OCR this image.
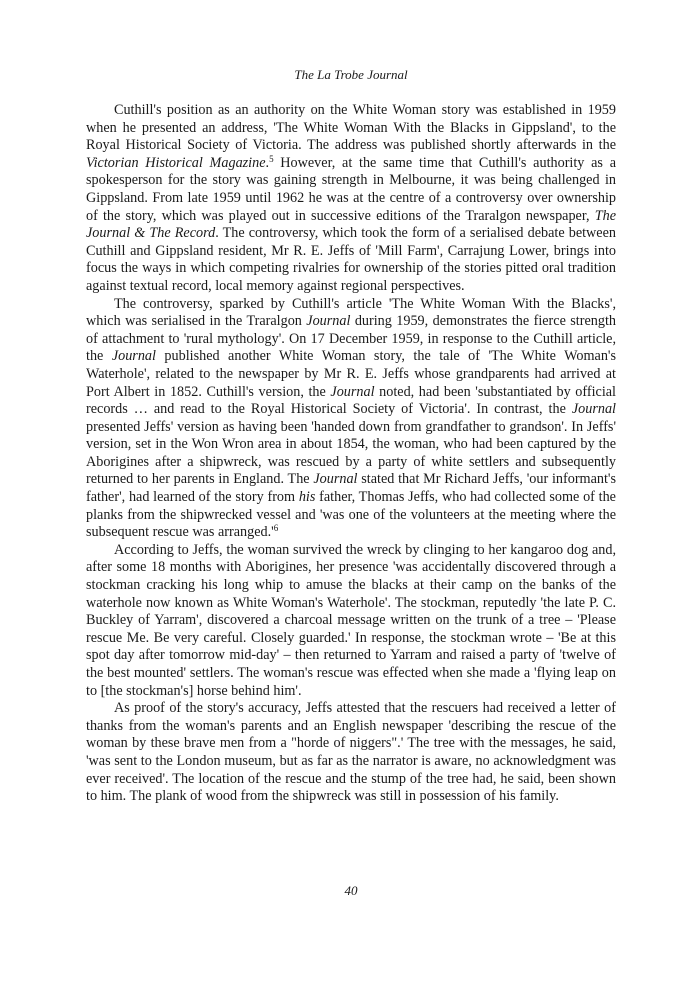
The La Trobe Journal

Cuthill's position as an authority on the White Woman story was established in 1959 when he presented an address, 'The White Woman With the Blacks in Gippsland', to the Royal Historical Society of Victoria. The address was published shortly afterwards in the Victorian Historical Magazine.$^5$ However, at the same time that Cuthill's authority as a spokesperson for the story was gaining strength in Melbourne, it was being challenged in Gippsland. From late 1959 until 1962 he was at the centre of a controversy over ownership of the story, which was played out in successive editions of the Traralgon newspaper, The Journal & The Record. The controversy, which took the form of a serialised debate between Cuthill and Gippsland resident, Mr R. E. Jeffs of 'Mill Farm', Carrajung Lower, brings into focus the ways in which competing rivalries for ownership of the stories pitted oral tradition against textual record, local memory against regional perspectives.

The controversy, sparked by Cuthill's article 'The White Woman With the Blacks', which was serialised in the Traralgon Journal during 1959, demonstrates the fierce strength of attachment to 'rural mythology'. On 17 December 1959, in response to the Cuthill article, the Journal published another White Woman story, the tale of 'The White Woman's Waterhole', related to the newspaper by Mr R. E. Jeffs whose grandparents had arrived at Port Albert in 1852. Cuthill's version, the Journal noted, had been 'substantiated by official records … and read to the Royal Historical Society of Victoria'. In contrast, the Journal presented Jeffs' version as having been 'handed down from grandfather to grandson'. In Jeffs' version, set in the Won Wron area in about 1854, the woman, who had been captured by the Aborigines after a shipwreck, was rescued by a party of white settlers and subsequently returned to her parents in England. The Journal stated that Mr Richard Jeffs, 'our informant's father', had learned of the story from his father, Thomas Jeffs, who had collected some of the planks from the shipwrecked vessel and 'was one of the volunteers at the meeting where the subsequent rescue was $arranged.'^6$

According to Jeffs, the woman survived the wreck by clinging to her kangaroo dog and, after some 18 months with Aborigines, her presence 'was accidentally discovered through a stockman cracking his long whip to amuse the blacks at their camp on the banks of the waterhole now known as White Woman's Waterhole'. The stockman, reputedly 'the late P. C. Buckley of Yarram', discovered a charcoal message written on the trunk of a tree – 'Please rescue Me. Be very careful. Closely guarded.' In response, the stockman wrote – 'Be at this spot day after tomorrow mid-day' – then returned to Yarram and raised a party of 'twelve of the best mounted' settlers. The woman's rescue was effected when she made a 'flying leap on to [the stockman's] horse behind him'.

As proof of the story's accuracy, Jeffs attested that the rescuers had received a letter of thanks from the woman's parents and an English newspaper 'describing the rescue of the woman by these brave men from a "horde of niggers".' The tree with the messages, he said, 'was sent to the London museum, but as far as the narrator is aware, no acknowledgment was ever received'. The location of the rescue and the stump of the tree had, he said, been shown to him. The plank of wood from the shipwreck was still in possession of his family.

40
